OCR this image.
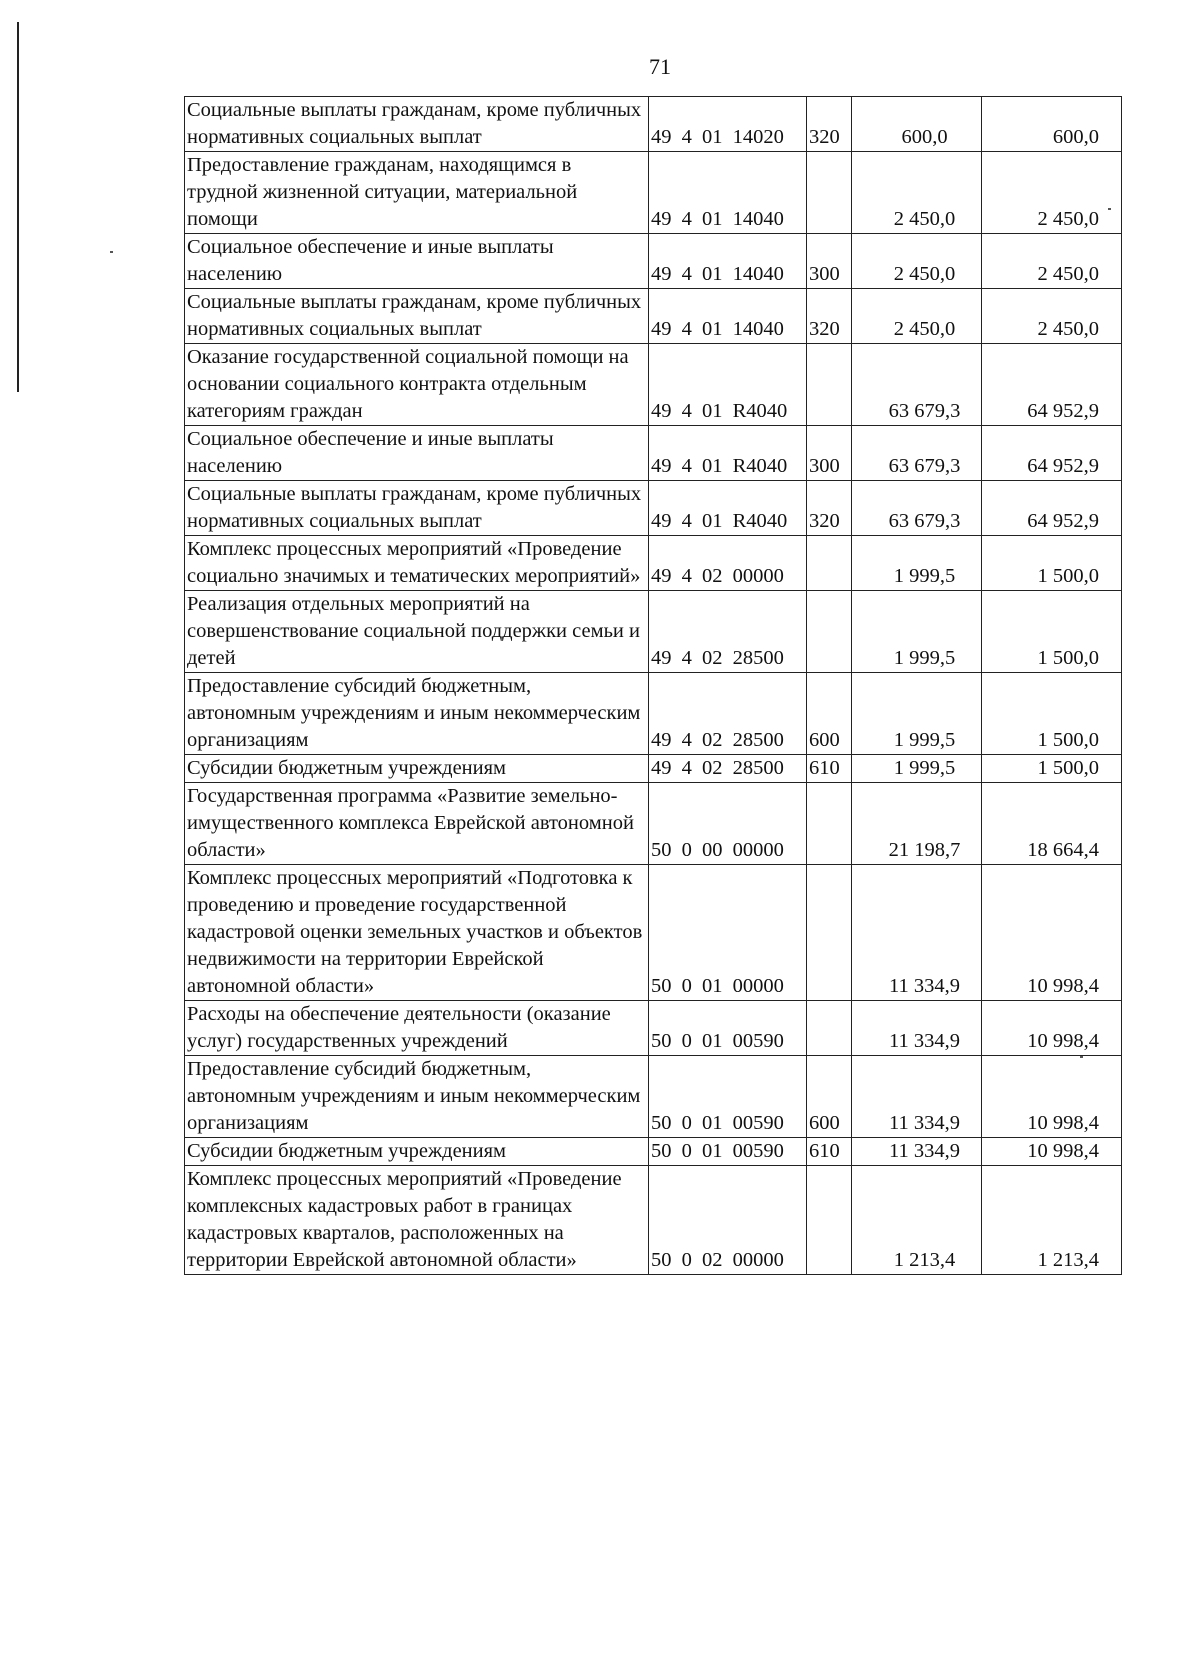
71
Социальные выплаты гражданам, кроме публичных нормативных социальных выплат	49 4 01 14020	320	600,0	600,0
Предоставление гражданам, находящимся в трудной жизненной ситуации, материальной помощи	49 4 01 14040		2 450,0	2 450,0
Социальное обеспечение и иные выплаты населению	49 4 01 14040	300	2 450,0	2 450,0
Социальные выплаты гражданам, кроме публичных нормативных социальных выплат	49 4 01 14040	320	2 450,0	2 450,0
Оказание государственной социальной помощи на основании социального контракта отдельным категориям граждан	49 4 01 R4040		63 679,3	64 952,9
Социальное обеспечение и иные выплаты населению	49 4 01 R4040	300	63 679,3	64 952,9
Социальные выплаты гражданам, кроме публичных нормативных социальных выплат	49 4 01 R4040	320	63 679,3	64 952,9
Комплекс процессных мероприятий «Проведение социально значимых и тематических мероприятий»	49 4 02 00000		1 999,5	1 500,0
Реализация отдельных мероприятий на совершенствование социальной поддержки семьи и детей	49 4 02 28500		1 999,5	1 500,0
Предоставление субсидий бюджетным, автономным учреждениям и иным некоммерческим организациям	49 4 02 28500	600	1 999,5	1 500,0
Субсидии бюджетным учреждениям	49 4 02 28500	610	1 999,5	1 500,0
Государственная программа «Развитие земельно-имущественного комплекса Еврейской автономной области»	50 0 00 00000		21 198,7	18 664,4
Комплекс процессных мероприятий «Подготовка к проведению и проведение государственной кадастровой оценки земельных участков и объектов недвижимости на территории Еврейской автономной области»	50 0 01 00000		11 334,9	10 998,4
Расходы на обеспечение деятельности (оказание услуг) государственных учреждений	50 0 01 00590		11 334,9	10 998,4
Предоставление субсидий бюджетным, автономным учреждениям и иным некоммерческим организациям	50 0 01 00590	600	11 334,9	10 998,4
Субсидии бюджетным учреждениям	50 0 01 00590	610	11 334,9	10 998,4
Комплекс процессных мероприятий «Проведение комплексных кадастровых работ в границах кадастровых кварталов, расположенных на территории Еврейской автономной области»	50 0 02 00000		1 213,4	1 213,4
